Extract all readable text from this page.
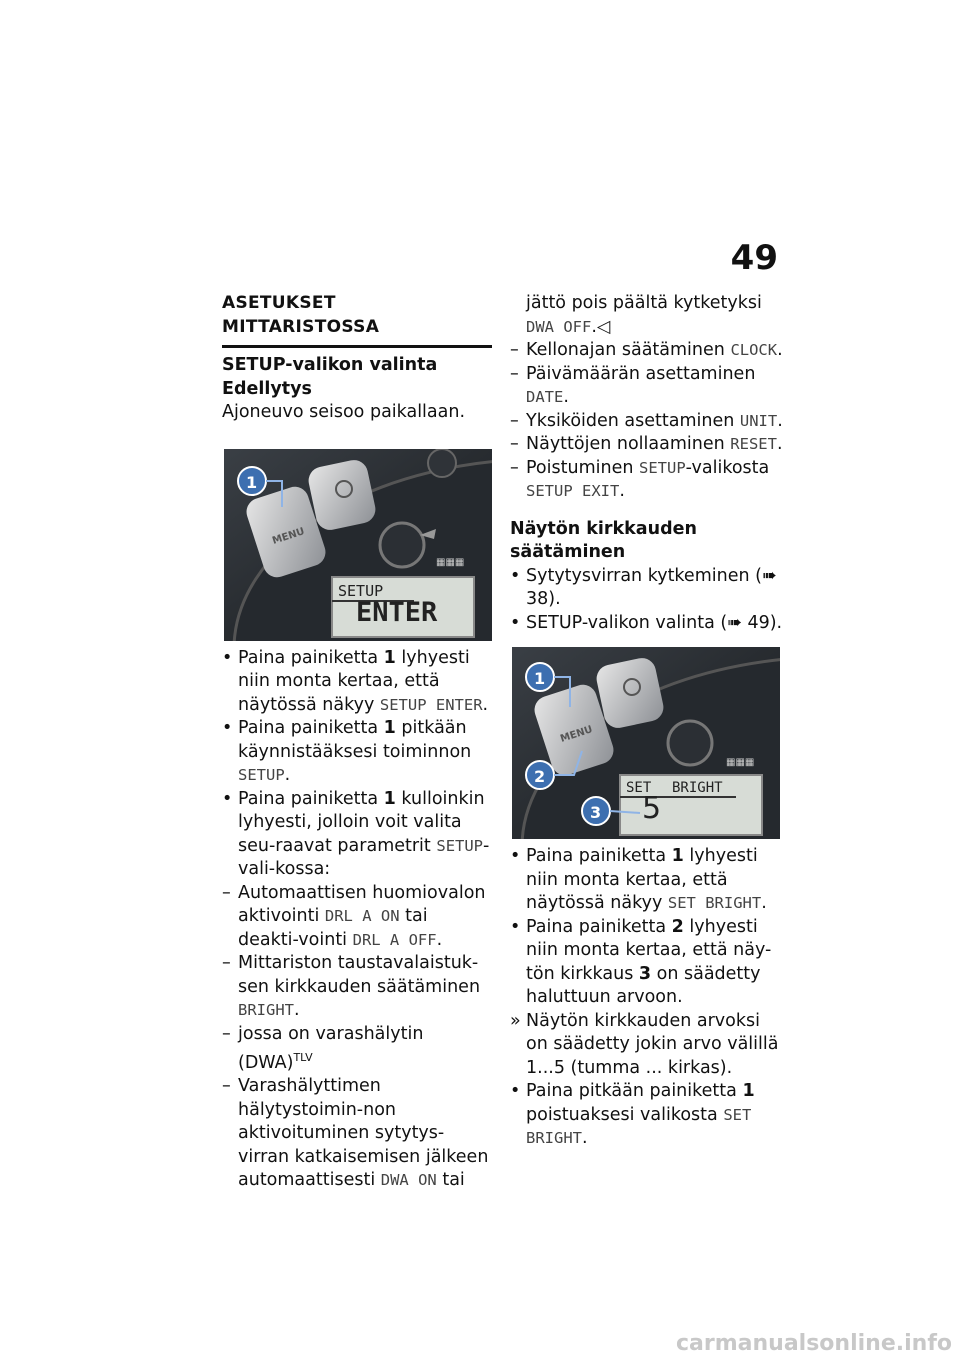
49
ASETUKSET MITTARISTOSSA
SETUP-valikon valinta
Edellytys

Ajoneuvo seisoo paikallaan.

▦▦▦
1
MENU
SETUP
ENTER
• Paina painiketta 1 lyhyesti niin monta kertaa, että näytössä näkyy SETUP ENTER.
• Paina painiketta 1 pitkään käynnistääksesi toiminnon SETUP.
• Paina painiketta 1 kulloinkin lyhyesti, jolloin voit valita seu-raavat parametrit SETUP-vali-kossa:
– Automaattisen huomiovalon aktivointi DRL A ON tai deakti-vointi DRL A OFF.
– Mittariston taustavalaistuk-sen kirkkauden säätäminen BRIGHT.
– jossa on varashälytin (DWA)$^{TLV}$
– Varashälyttimen hälytystoimin-non aktivoituminen sytytys-virran katkaisemisen jälkeen automaattisesti DWA ON tai
jättö pois päältä kytketyksi DWA OFF.◁
– Kellonajan säätäminen CLOCK.
– Päivämäärän asettaminen DATE.
– Yksiköiden asettaminen UNIT.
– Näyttöjen nollaaminen RESET.
– Poistuminen SETUP-valikosta SETUP EXIT.
Näytön kirkkauden säätäminen
• Sytytysvirran kytkeminen (➠ 38).
• SETUP-valikon valinta (➠ 49).
▦▦▦
1
2
3
MENU
SET BRIGHT
5
• Paina painiketta 1 lyhyesti niin monta kertaa, että näytössä näkyy SET BRIGHT.
• Paina painiketta 2 lyhyesti niin monta kertaa, että näy-tön kirkkaus 3 on säädetty haluttuun arvoon.
» Näytön kirkkauden arvoksi on säädetty jokin arvo välillä 1...5 (tumma ... kirkas).
• Paina pitkään painiketta 1 poistuaksesi valikosta SET BRIGHT.
carmanualsonline.info
